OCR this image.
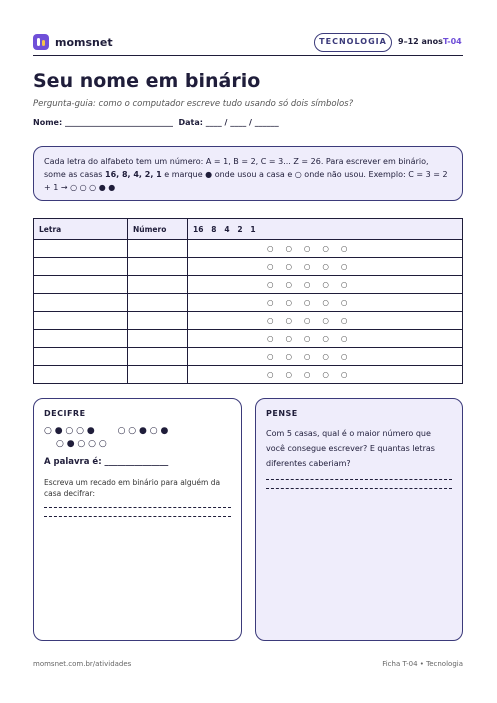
momsnet	TECNOLOGIA	9–12 anos T-04
Seu nome em binário
Pergunta-guia: como o computador escreve tudo usando só dois símbolos?
Nome: ___________________________  Data: ____ / ____ / ______
Cada letra do alfabeto tem um número: A = 1, B = 2, C = 3... Z = 26. Para escrever em binário, some as casas 16, 8, 4, 2, 1 e marque ● onde usou a casa e ○ onde não usou. Exemplo: C = 3 = 2 + 1 → ○ ○ ○ ● ●
Letra	Número	16   8   4   2   1
		○     ○     ○     ○     ○
		○     ○     ○     ○     ○
		○     ○     ○     ○     ○
		○     ○     ○     ○     ○
		○     ○     ○     ○     ○
		○     ○     ○     ○     ○
		○     ○     ○     ○     ○
		○     ○     ○     ○     ○
DECIFRE
○ ● ○ ○ ●        ○ ○ ● ○ ●
○ ● ○ ○ ○
A palavra é: _______________
Escreva um recado em binário para alguém da casa decifrar:
PENSE
Com 5 casas, qual é o maior número que você consegue escrever? E quantas letras diferentes caberiam?
momsnet.com.br/atividades	Ficha T-04 • Tecnologia
